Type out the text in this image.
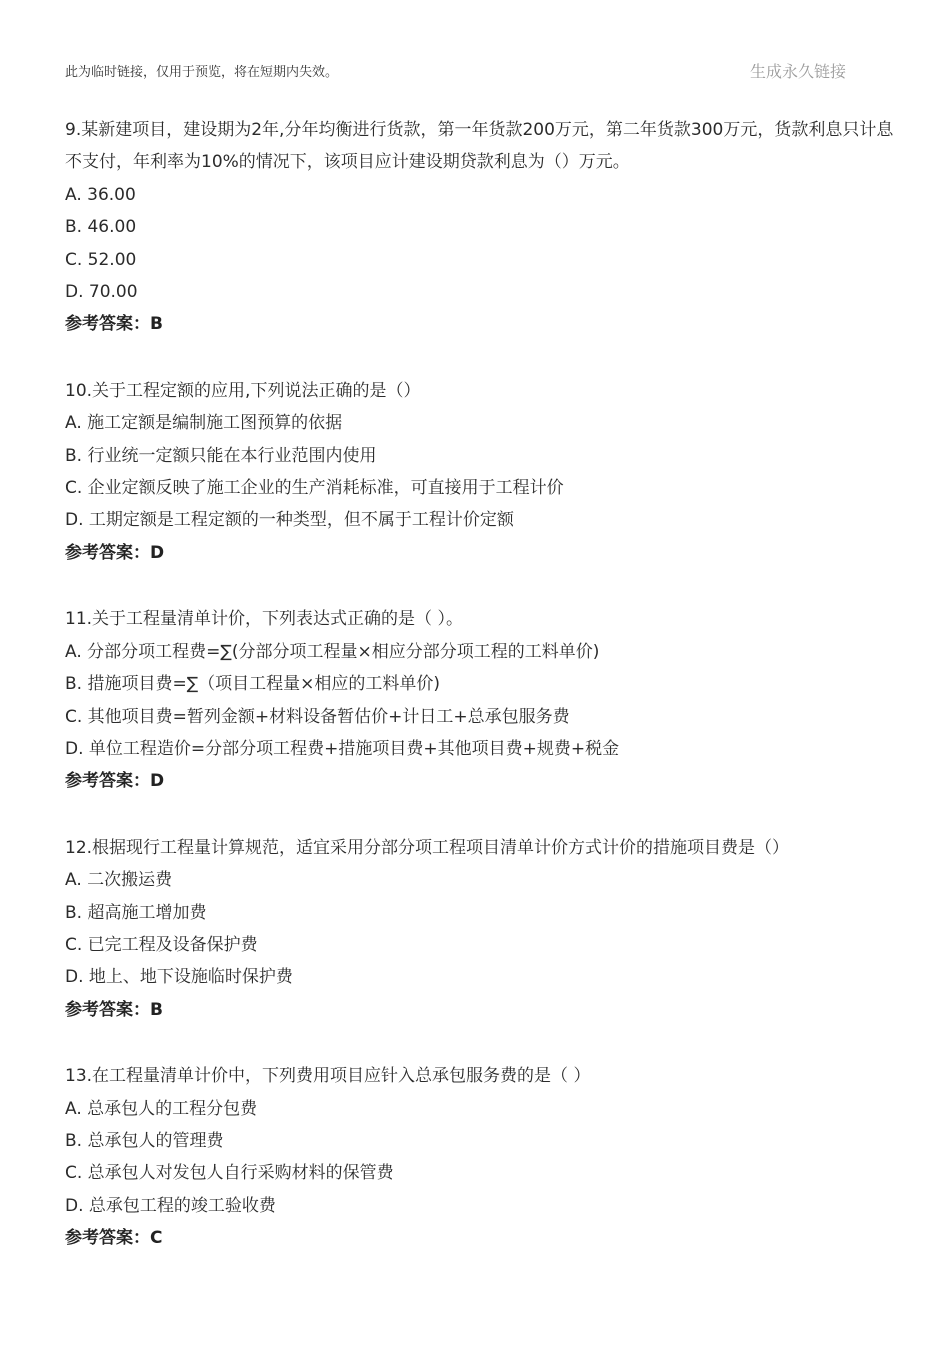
此为临时链接，仅用于预览，将在短期内失效。	生成永久链接

9.某新建项目，建设期为2年,分年均衡进行货款，第一年货款200万元，第二年货款300万元，货款利息只计息不支付，年利率为10%的情况下，该项目应计建设期贷款利息为（）万元。

A. 36.00

B. 46.00

C. 52.00

D. 70.00

参考答案：B

10.关于工程定额的应用,下列说法正确的是（）

A. 施工定额是编制施工图预算的依据

B. 行业统一定额只能在本行业范围内使用

C. 企业定额反映了施工企业的生产消耗标准，可直接用于工程计价

D. 工期定额是工程定额的一种类型，但不属于工程计价定额

参考答案：D

11.关于工程量清单计价，下列表达式正确的是（ ）。

A. 分部分项工程费=∑(分部分项工程量×相应分部分项工程的工料单价)

B. 措施项目费=∑（项目工程量×相应的工料单价)

C. 其他项目费=暂列金额+材料设备暂估价+计日工+总承包服务费

D. 单位工程造价=分部分项工程费+措施项目费+其他项目费+规费+税金

参考答案：D

12.根据现行工程量计算规范，适宜采用分部分项工程项目清单计价方式计价的措施项目费是（）

A. 二次搬运费

B. 超高施工增加费

C. 已完工程及设备保护费

D. 地上、地下设施临时保护费

参考答案：B

13.在工程量清单计价中，下列费用项目应针入总承包服务费的是（ ）

A. 总承包人的工程分包费

B. 总承包人的管理费

C. 总承包人对发包人自行采购材料的保管费

D. 总承包工程的竣工验收费

参考答案：C
